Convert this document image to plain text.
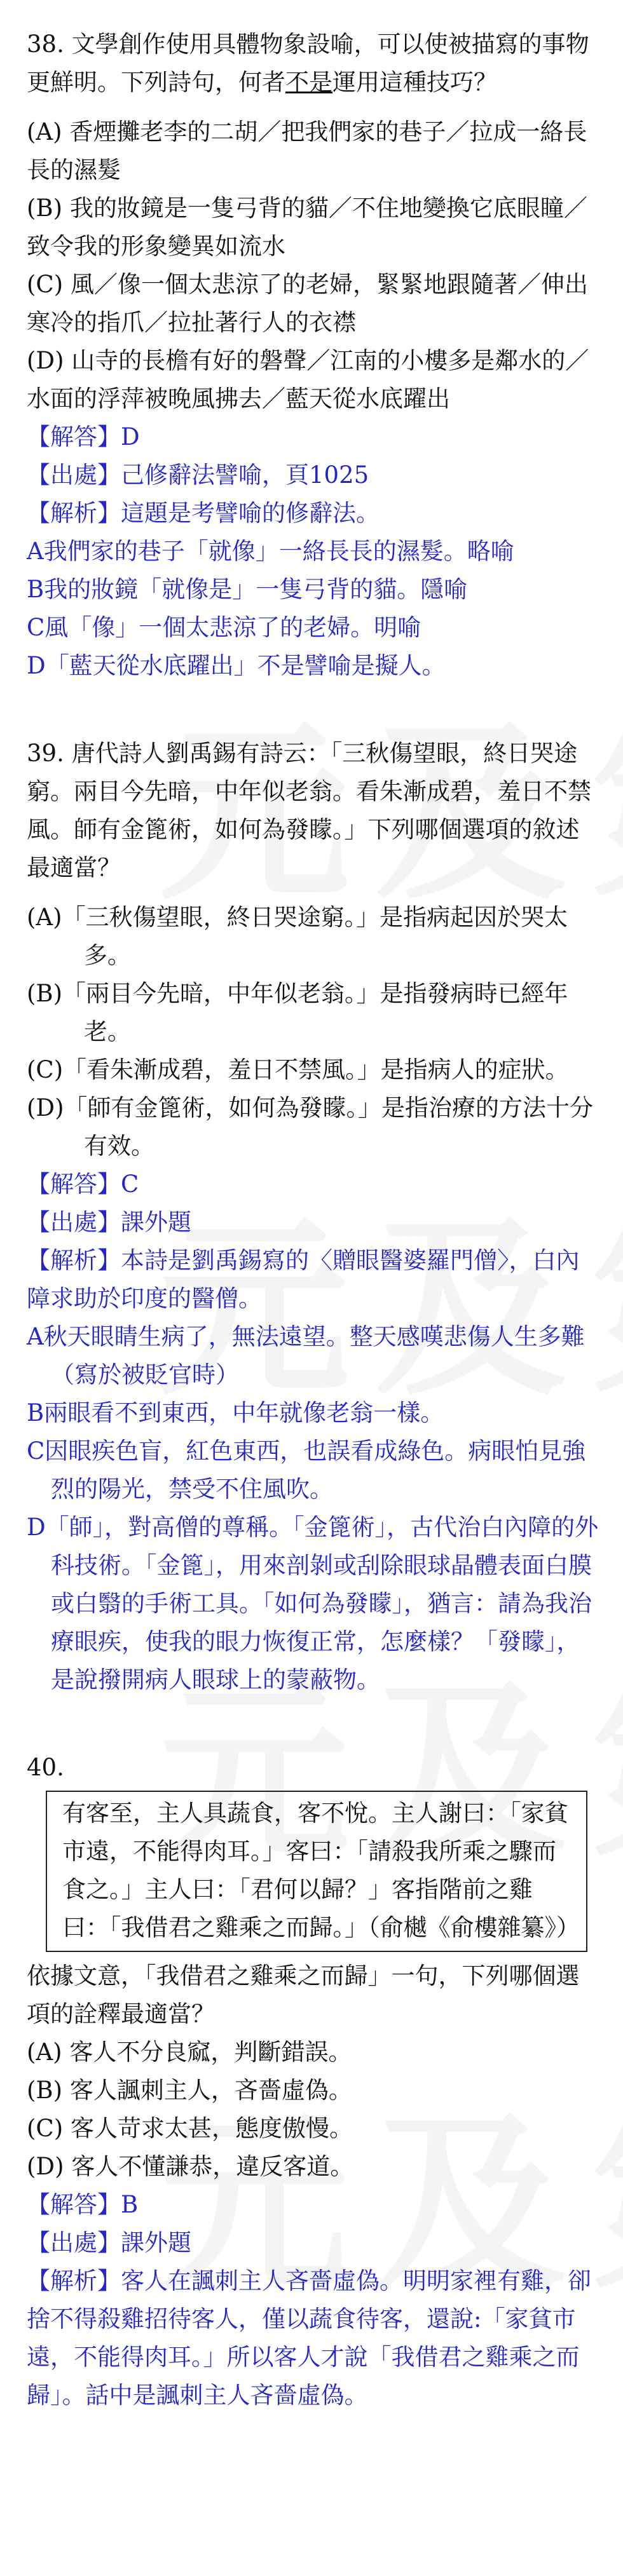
38. 文學創作使用具體物象設喻，可以使被描寫的事物更鮮明。下列詩句，何者不是運用這種技巧？
(A) 香煙攤老李的二胡／把我們家的巷子／拉成一絡長長的濕髮
(B) 我的妝鏡是一隻弓背的貓／不住地變換它底眼瞳／致令我的形象變異如流水
(C) 風／像一個太悲涼了的老婦，緊緊地跟隨著／伸出寒冷的指爪／拉扯著行人的衣襟
(D) 山寺的長檐有好的磐聲／江南的小樓多是鄰水的／水面的浮萍被晚風拂去／藍天從水底躍出
【解答】D
【出處】己修辭法譬喻，頁1025
【解析】這題是考譬喻的修辭法。
A我們家的巷子「就像」一絡長長的濕髮。略喻
B我的妝鏡「就像是」一隻弓背的貓。隱喻
C風「像」一個太悲涼了的老婦。明喻
D「藍天從水底躍出」不是譬喻是擬人。
39. 唐代詩人劉禹錫有詩云：「三秋傷望眼，終日哭途窮。兩目今先暗，中年似老翁。看朱漸成碧，羞日不禁風。師有金篦術，如何為發矇。」下列哪個選項的敘述最適當？
(A)「三秋傷望眼，終日哭途窮。」是指病起因於哭太多。
(B)「兩目今先暗，中年似老翁。」是指發病時已經年老。
(C)「看朱漸成碧，羞日不禁風。」是指病人的症狀。
(D)「師有金篦術，如何為發矇。」是指治療的方法十分有效。
【解答】C
【出處】課外題
【解析】本詩是劉禹錫寫的〈贈眼醫婆羅門僧〉，白內障求助於印度的醫僧。
A秋天眼睛生病了，無法遠望。整天感嘆悲傷人生多難（寫於被貶官時）
B兩眼看不到東西，中年就像老翁一樣。
C因眼疾色盲，紅色東西，也誤看成綠色。病眼怕見強烈的陽光，禁受不住風吹。
D「師」，對高僧的尊稱。「金篦術」，古代治白內障的外科技術。「金篦」，用來剖剝或刮除眼球晶體表面白膜或白翳的手術工具。「如何為發矇」，猶言：請為我治療眼疾，使我的眼力恢復正常，怎麼樣？「發矇」，是說撥開病人眼球上的蒙蔽物。
40.
有客至，主人具蔬食，客不悅。主人謝曰：「家貧市遠，不能得肉耳。」客曰：「請殺我所乘之驟而食之。」主人曰：「君何以歸？」客指階前之雞曰：「我借君之雞乘之而歸。」（俞樾《俞樓雜纂》）
依據文意，「我借君之雞乘之而歸」一句，下列哪個選項的詮釋最適當？
(A) 客人不分良窳，判斷錯誤。
(B) 客人諷刺主人，吝嗇虛偽。
(C) 客人苛求太甚，態度傲慢。
(D) 客人不懂謙恭，違反客道。
【解答】B
【出處】課外題
【解析】客人在諷刺主人吝嗇虛偽。明明家裡有雞，卻捨不得殺雞招待客人，僅以蔬食待客，還說:「家貧市遠，不能得肉耳。」所以客人才說「我借君之雞乘之而歸」。話中是諷刺主人吝嗇虛偽。
